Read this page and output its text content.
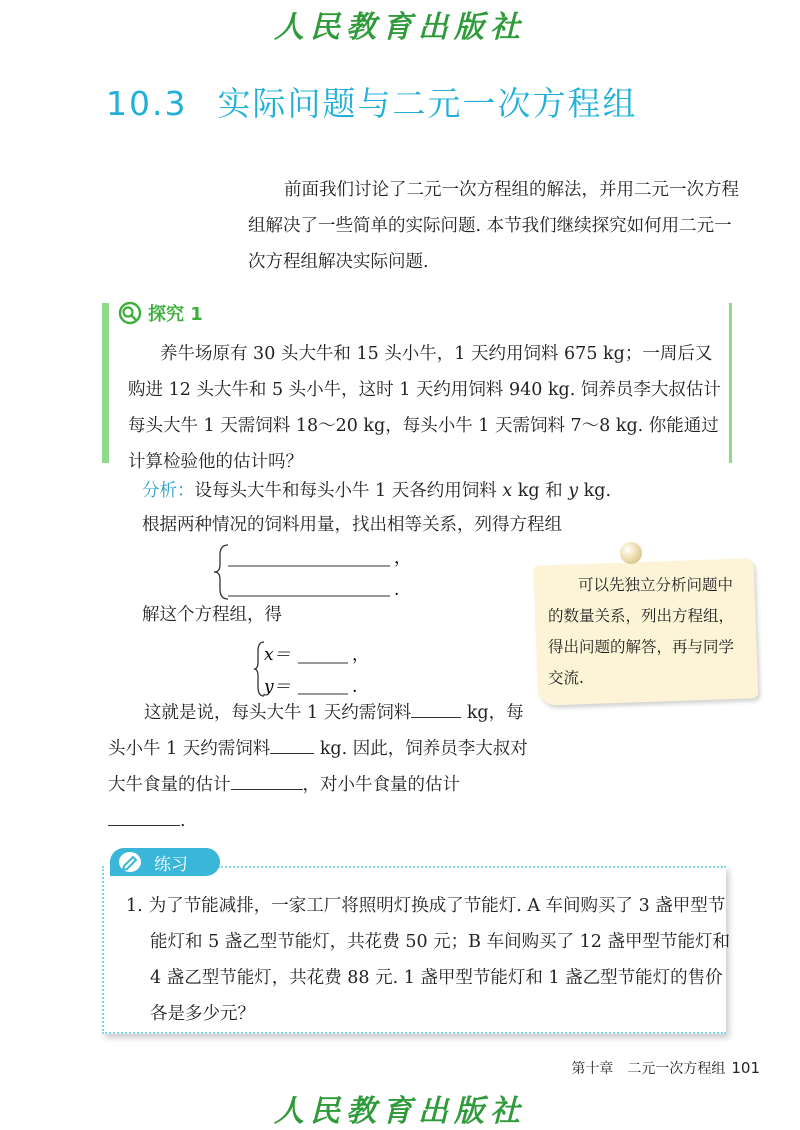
人民教育出版社
10.3 实际问题与二元一次方程组
前面我们讨论了二元一次方程组的解法，并用二元一次方程组解决了一些简单的实际问题. 本节我们继续探究如何用二元一次方程组解决实际问题.
探究 1
养牛场原有 30 头大牛和 15 头小牛，1 天约用饲料 675 kg；一周后又购进 12 头大牛和 5 头小牛，这时 1 天约用饲料 940 kg. 饲养员李大叔估计每头大牛 1 天需饲料 18～20 kg，每头小牛 1 天需饲料 7～8 kg. 你能通过计算检验他的估计吗？
分析：设每头大牛和每头小牛 1 天各约用饲料 x kg 和 y kg.
根据两种情况的饲料用量，找出相等关系，列得方程组
，
.
解这个方程组，得
x＝	，
y＝	.
这就是说，每头大牛 1 天约需饲料	kg，每头小牛 1 天约需饲料	kg. 因此，饲养员李大叔对大牛食量的估计	，对小牛食量的估计.
可以先独立分析问题中的数量关系，列出方程组，得出问题的解答，再与同学交流.
练习
1. 为了节能减排，一家工厂将照明灯换成了节能灯. A 车间购买了 3 盏甲型节能灯和 5 盏乙型节能灯，共花费 50 元；B 车间购买了 12 盏甲型节能灯和 4 盏乙型节能灯，共花费 88 元. 1 盏甲型节能灯和 1 盏乙型节能灯的售价各是多少元？
第十章　二元一次方程组 101
人民教育出版社
